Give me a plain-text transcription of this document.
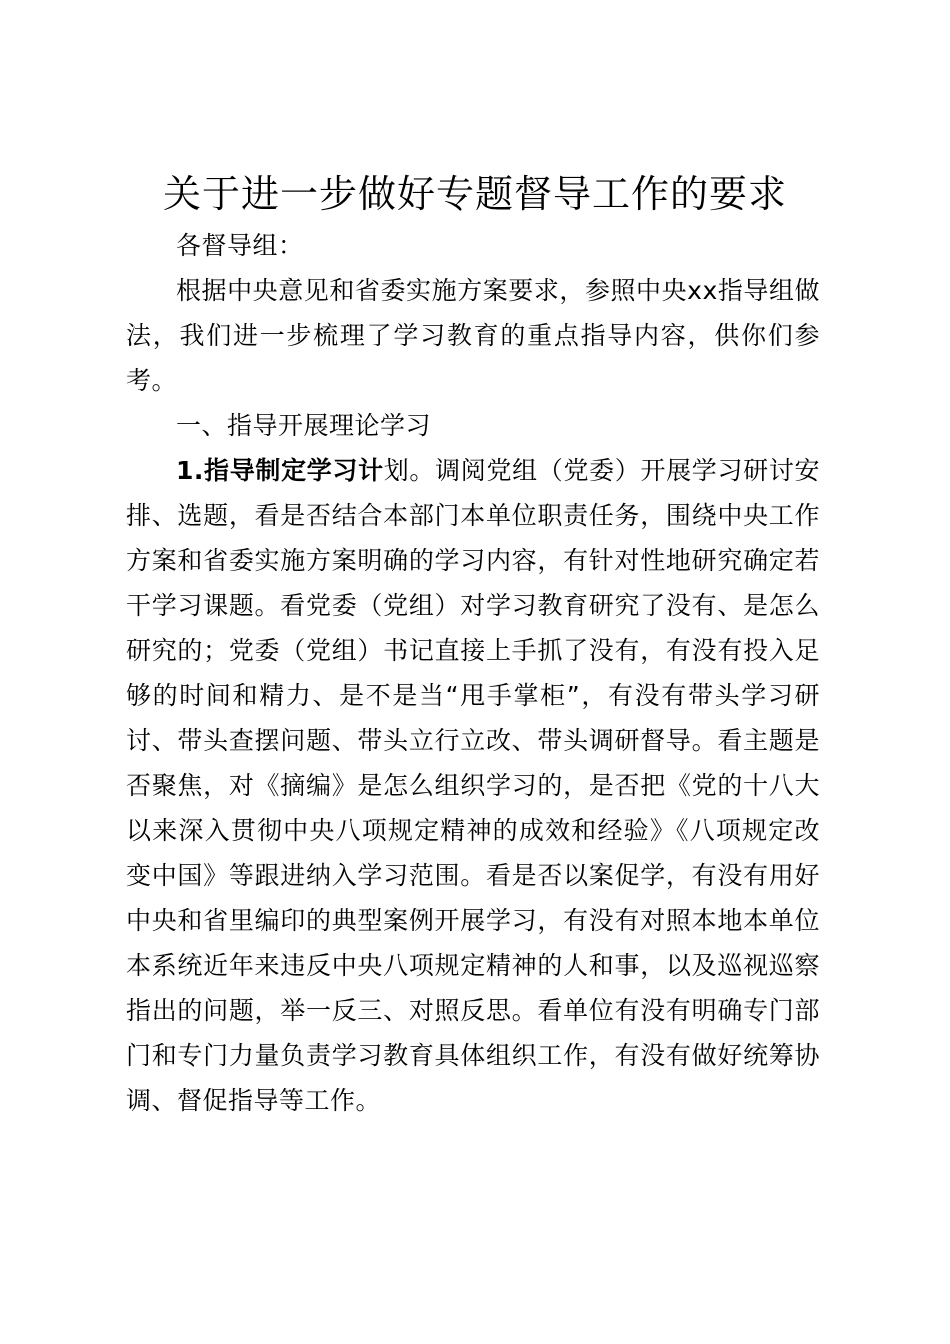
关于进一步做好专题督导工作的要求
各督导组：
根据中央意见和省委实施方案要求，参照中央xx指导组做法，我们进一步梳理了学习教育的重点指导内容，供你们参考。
一、指导开展理论学习
1.指导制定学习计划。调阅党组（党委）开展学习研讨安排、选题，看是否结合本部门本单位职责任务，围绕中央工作方案和省委实施方案明确的学习内容，有针对性地研究确定若干学习课题。看党委（党组）对学习教育研究了没有、是怎么研究的；党委（党组）书记直接上手抓了没有，有没有投入足够的时间和精力、是不是当“甩手掌柜”，有没有带头学习研讨、带头查摆问题、带头立行立改、带头调研督导。看主题是否聚焦，对《摘编》是怎么组织学习的，是否把《党的十八大以来深入贯彻中央八项规定精神的成效和经验》《八项规定改变中国》等跟进纳入学习范围。看是否以案促学，有没有用好中央和省里编印的典型案例开展学习，有没有对照本地本单位本系统近年来违反中央八项规定精神的人和事，以及巡视巡察指出的问题，举一反三、对照反思。看单位有没有明确专门部门和专门力量负责学习教育具体组织工作，有没有做好统筹协调、督促指导等工作。
